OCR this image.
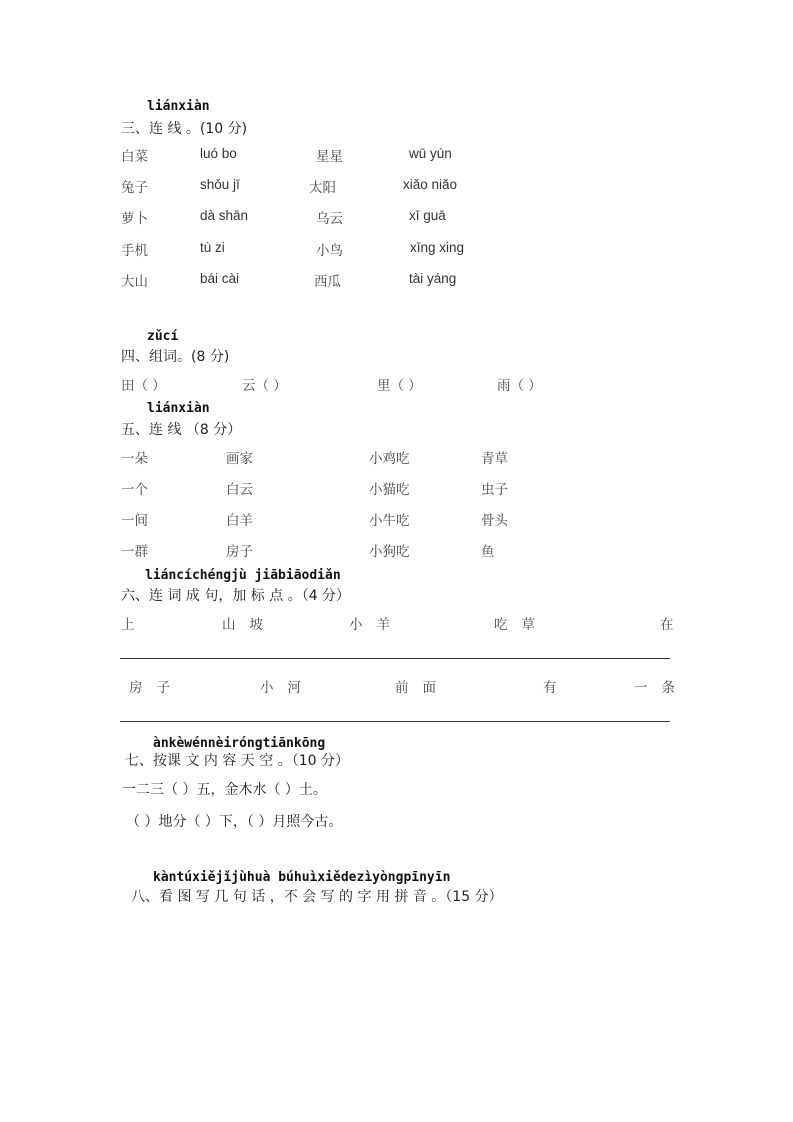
liánxiàn
三、连 线 。(10 分)
白菜	luó bo	星星	wū yún
兔子	shǒu jī	太阳	xiǎo niǎo
萝卜	dà shān	乌云	xī guā
手机	tù zi	小鸟	xīng xing
大山	bái cài	西瓜	tài yáng
zǔcí
四、组词。(8 分)
田（ ）	云（ ）	里（ ）	雨（ ）
liánxiàn
五、连 线 （8 分）
一朵	画家	小鸡吃	青草
一个	白云	小猫吃	虫子
一间	白羊	小牛吃	骨头
一群	房子	小狗吃	鱼
liáncíchéngjù jiābiāodiǎn
六、连 词 成 句，加 标 点 。（4 分）
上	山坡	小羊	吃草	在
房子	小河	前面	有	一条
ànkèwénnèiróngtiānkōng
七、按课 文 内 容 天 空 。（10 分）
一二三（ ）五，金木水（ ）土。
（ ）地分（ ）下，（ ）月照今古。
kàntúxiějǐjùhuà búhuìxiědezìyòngpīnyīn
八、看 图 写 几 句 话 ，不 会 写 的 字 用 拼 音 。（15 分）
